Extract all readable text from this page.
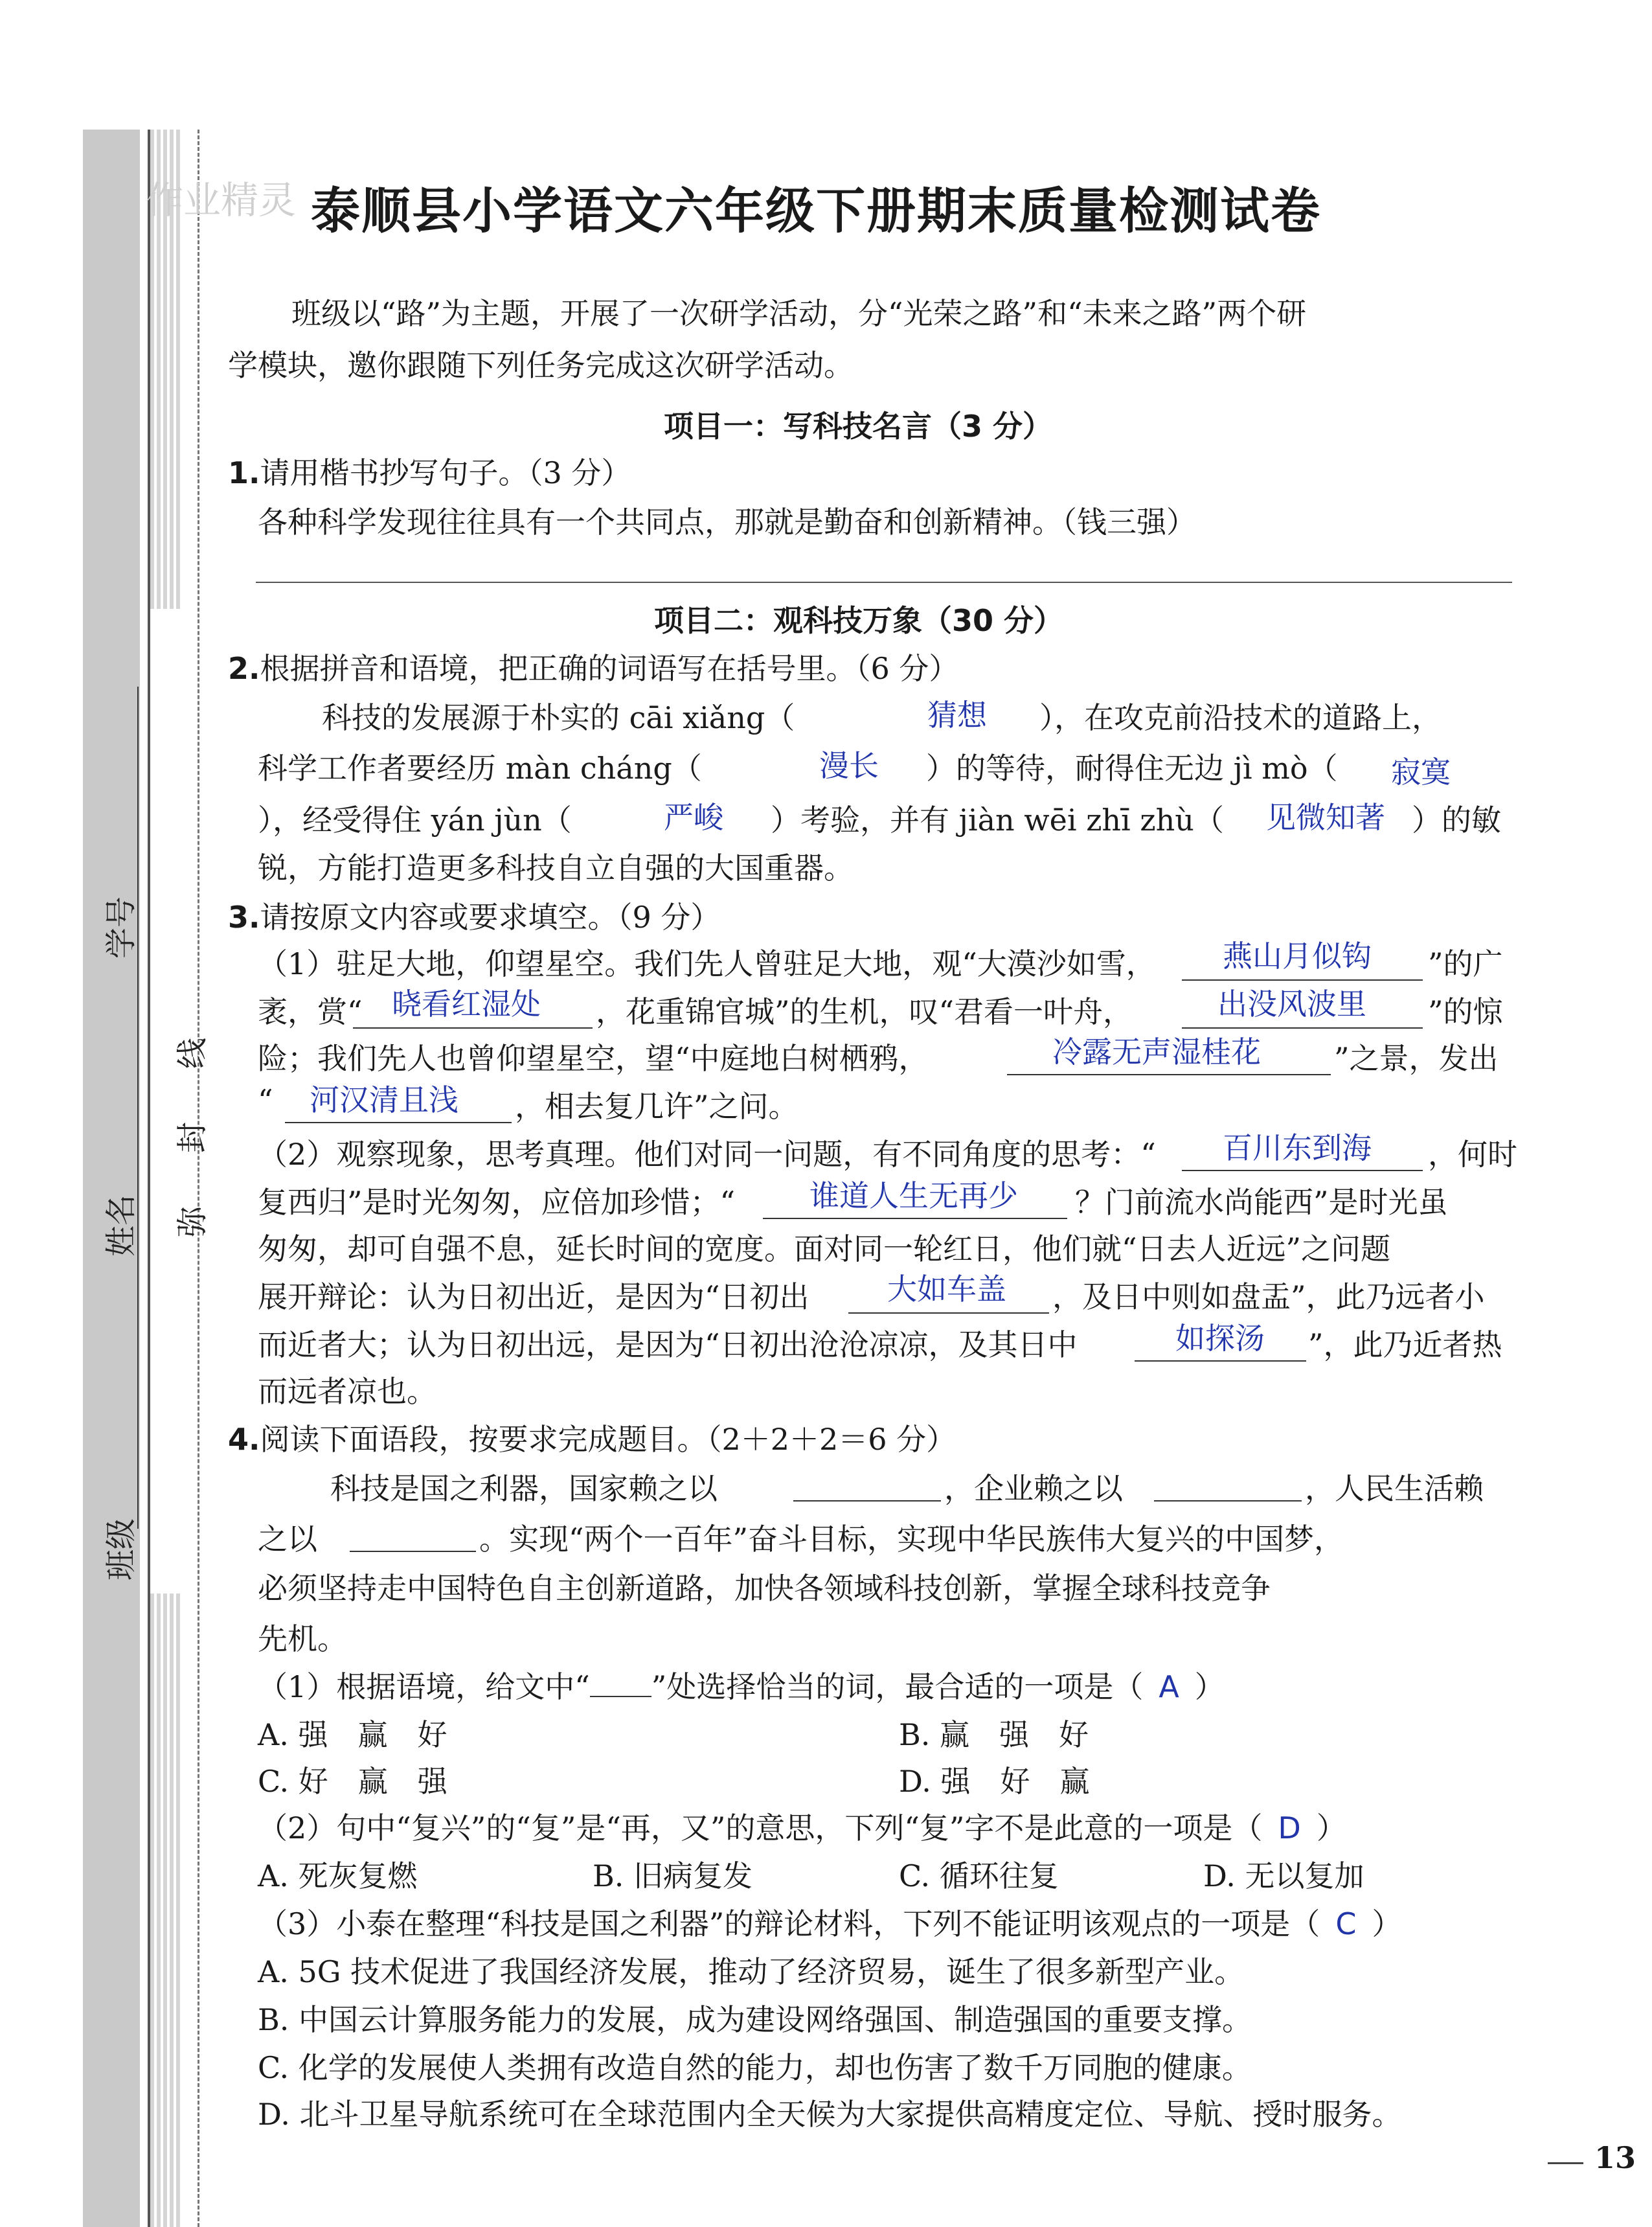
作业精灵
班级
姓名
学号
弥
封
线
泰顺县小学语文六年级下册期末质量检测试卷
班级以“路”为主题，开展了一次研学活动，分“光荣之路”和“未来之路”两个研
学模块，邀你跟随下列任务完成这次研学活动。
项目一：写科技名言（3 分）
1.请用楷书抄写句子。（3 分）
各种科学发现往往具有一个共同点，那就是勤奋和创新精神。（钱三强）
项目二：观科技万象（30 分）
2.根据拼音和语境，把正确的词语写在括号里。（6 分）
科技的发展源于朴实的 cāi xiǎng（	猜想 ），在攻克前沿技术的道路上，
科学工作者要经历 màn cháng（	漫长 ）的等待，耐得住无边 jì mò（ 寂寞
），经受得住 yán jùn（	严峻 ）考验，并有 jiàn wēi zhī zhù（ 见微知著 ）的敏
锐，方能打造更多科技自立自强的大国重器。
3.请按原文内容或要求填空。（9 分）
（1）驻足大地，仰望星空。我们先人曾驻足大地，观“大漠沙如雪， 燕山月似钩 ”的广
袤，赏“ 晓看红湿处 ，花重锦官城”的生机，叹“君看一叶舟，	出没风波里 ”的惊
险；我们先人也曾仰望星空，望“中庭地白树栖鸦，	冷露无声湿桂花 ”之景，发出
“ 河汉清且浅 ，相去复几许”之问。
（2）观察现象，思考真理。他们对同一问题，有不同角度的思考：“ 百川东到海 ，何时
复西归”是时光匆匆，应倍加珍惜；“ 谁道人生无再少 ？门前流水尚能西”是时光虽
匆匆，却可自强不息，延长时间的宽度。面对同一轮红日，他们就“日去人近远”之问题
展开辩论：认为日初出近，是因为“日初出	大如车盖 ，及日中则如盘盂”，此乃远者小
而近者大；认为日初出远，是因为“日初出沧沧凉凉，及其日中	如探汤 ”，此乃近者热
而远者凉也。
4.阅读下面语段，按要求完成题目。（2＋2＋2＝6 分）
科技是国之利器，国家赖之以	，企业赖之以	，人民生活赖
之以	。实现“两个一百年”奋斗目标，实现中华民族伟大复兴的中国梦，
必须坚持走中国特色自主创新道路，加快各领域科技创新，掌握全球科技竞争
先机。
（1）根据语境，给文中“ ”处选择恰当的词，最合适的一项是（ A ）
A. 强　赢　好	B. 赢　强　好
C. 好　赢　强	D. 强　好　赢
（2）句中“复兴”的“复”是“再，又”的意思，下列“复”字不是此意的一项是（ D ）
A. 死灰复燃	B. 旧病复发	C. 循环往复	D. 无以复加
（3）小泰在整理“科技是国之利器”的辩论材料，下列不能证明该观点的一项是（ C ）
A. 5G 技术促进了我国经济发展，推动了经济贸易，诞生了很多新型产业。
B. 中国云计算服务能力的发展，成为建设网络强国、制造强国的重要支撑。
C. 化学的发展使人类拥有改造自然的能力，却也伤害了数千万同胞的健康。
D. 北斗卫星导航系统可在全球范围内全天候为大家提供高精度定位、导航、授时服务。
13
